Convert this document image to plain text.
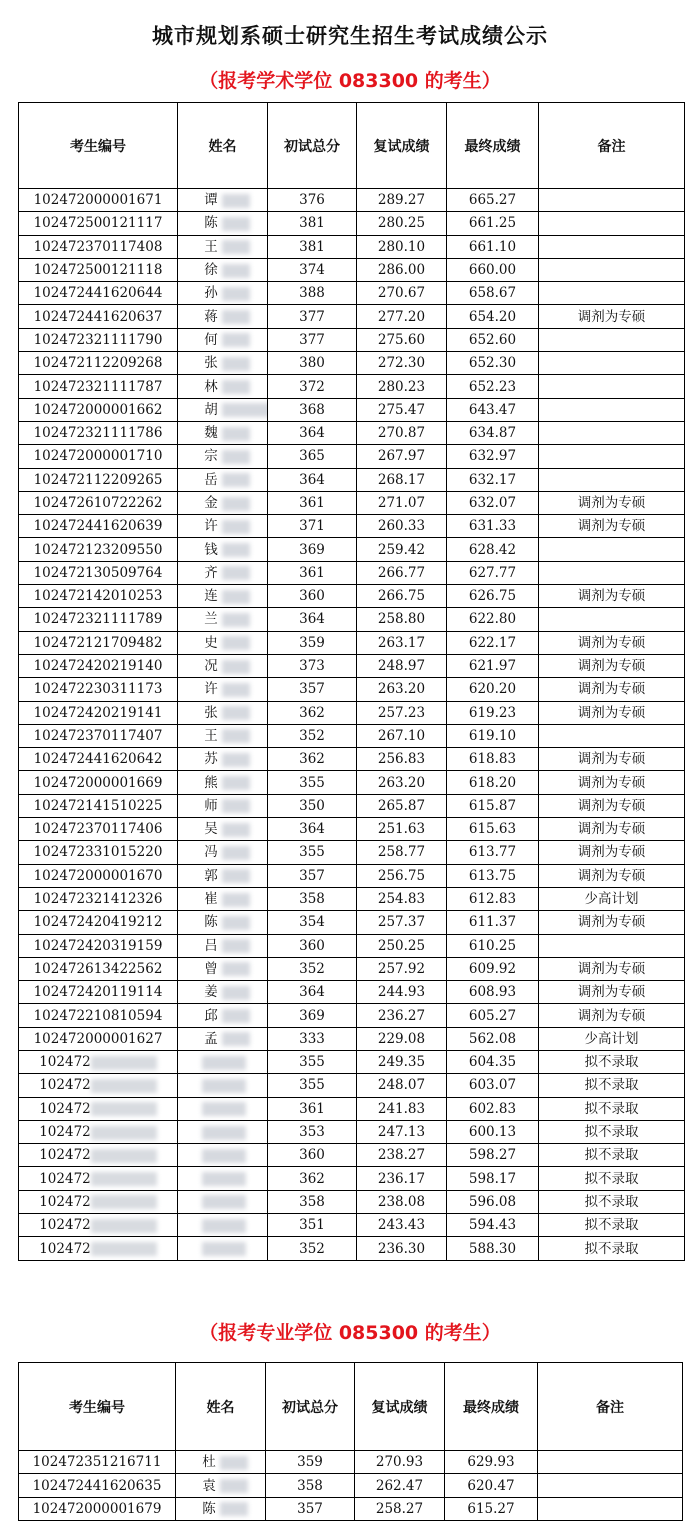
城市规划系硕士研究生招生考试成绩公示
（报考学术学位 083300 的考生）
考生编号	姓名	初试总分	复试成绩	最终成绩	备注
102472000001671	谭	376	289.27	665.27	
102472500121117	陈	381	280.25	661.25	
102472370117408	王	381	280.10	661.10	
102472500121118	徐	374	286.00	660.00	
102472441620644	孙	388	270.67	658.67	
102472441620637	蒋	377	277.20	654.20	调剂为专硕
102472321111790	何	377	275.60	652.60	
102472112209268	张	380	272.30	652.30	
102472321111787	林	372	280.23	652.23	
102472000001662	胡	368	275.47	643.47	
102472321111786	魏	364	270.87	634.87	
102472000001710	宗	365	267.97	632.97	
102472112209265	岳	364	268.17	632.17	
102472610722262	金	361	271.07	632.07	调剂为专硕
102472441620639	许	371	260.33	631.33	调剂为专硕
102472123209550	钱	369	259.42	628.42	
102472130509764	齐	361	266.77	627.77	
102472142010253	连	360	266.75	626.75	调剂为专硕
102472321111789	兰	364	258.80	622.80	
102472121709482	史	359	263.17	622.17	调剂为专硕
102472420219140	况	373	248.97	621.97	调剂为专硕
102472230311173	许	357	263.20	620.20	调剂为专硕
102472420219141	张	362	257.23	619.23	调剂为专硕
102472370117407	王	352	267.10	619.10	
102472441620642	苏	362	256.83	618.83	调剂为专硕
102472000001669	熊	355	263.20	618.20	调剂为专硕
102472141510225	师	350	265.87	615.87	调剂为专硕
102472370117406	吴	364	251.63	615.63	调剂为专硕
102472331015220	冯	355	258.77	613.77	调剂为专硕
102472000001670	郭	357	256.75	613.75	调剂为专硕
102472321412326	崔	358	254.83	612.83	少高计划
102472420419212	陈	354	257.37	611.37	调剂为专硕
102472420319159	吕	360	250.25	610.25	
102472613422562	曾	352	257.92	609.92	调剂为专硕
102472420119114	姜	364	244.93	608.93	调剂为专硕
102472210810594	邱	369	236.27	605.27	调剂为专硕
102472000001627	孟	333	229.08	562.08	少高计划
102472		355	249.35	604.35	拟不录取
102472		355	248.07	603.07	拟不录取
102472		361	241.83	602.83	拟不录取
102472		353	247.13	600.13	拟不录取
102472		360	238.27	598.27	拟不录取
102472		362	236.17	598.17	拟不录取
102472		358	238.08	596.08	拟不录取
102472		351	243.43	594.43	拟不录取
102472		352	236.30	588.30	拟不录取
（报考专业学位 085300 的考生）
考生编号	姓名	初试总分	复试成绩	最终成绩	备注
102472351216711	杜	359	270.93	629.93	
102472441620635	袁	358	262.47	620.47	
102472000001679	陈	357	258.27	615.27	
